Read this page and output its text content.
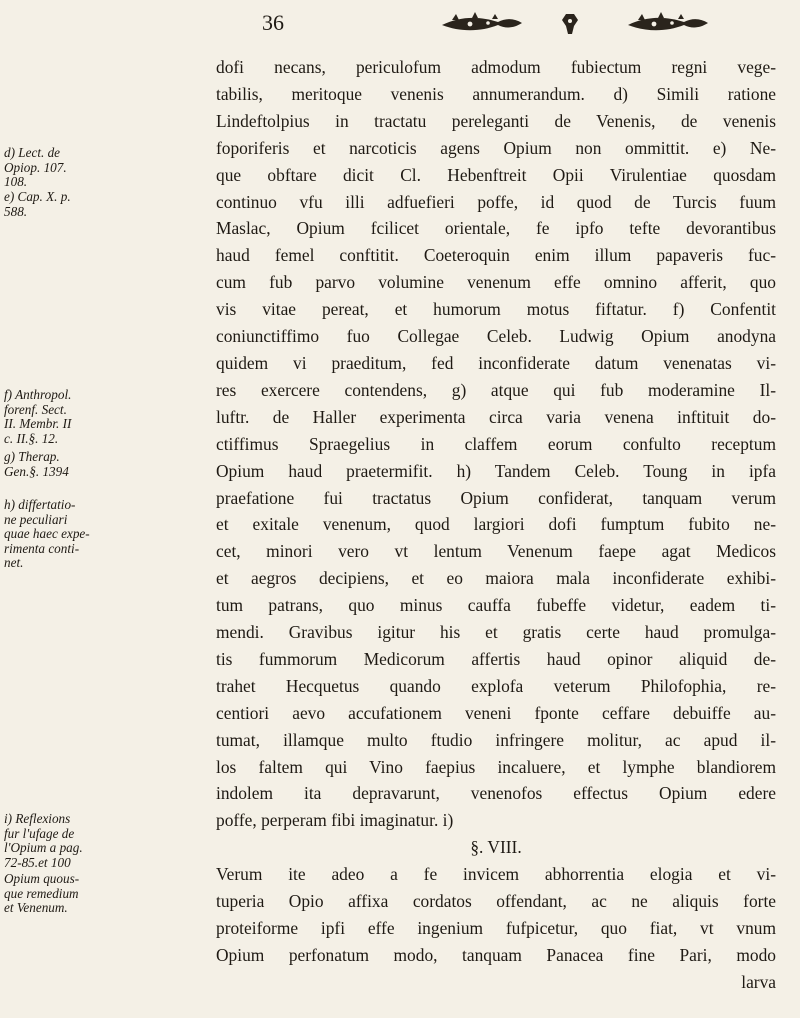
36
d) Lect. de
Opiop. 107.
108.
e) Cap. X. p.
588.
f) Anthropol.
forenf. Sect.
II. Membr. II
c. II.§. 12.
g) Therap.
Gen.§. 1394
h) differtatio-
ne peculiari
quae haec expe-
rimenta conti-
net.
i) Reflexions
fur l'ufage de
l'Opium a pag.
72-85.et 100
Opium quous-
que remedium
et Venenum.
dofi necans, periculofum admodum fubiectum regni vege-
tabilis, meritoque venenis annumerandum. d) Simili ratione
Lindeftolpius in tractatu pereleganti de Venenis, de venenis
foporiferis et narcoticis agens Opium non ommittit. e) Ne-
que obftare dicit Cl. Hebenftreit Opii Virulentiae quosdam
continuo vfu illi adfuefieri poffe, id quod de Turcis fuum
Maslac, Opium fcilicet orientale, fe ipfo tefte devorantibus
haud femel conftitit. Coeteroquin enim illum papaveris fuc-
cum fub parvo volumine venenum effe omnino afferit, quo
vis vitae pereat, et humorum motus fiftatur. f) Confentit
coniunctiffimo fuo Collegae Celeb. Ludwig Opium anodyna
quidem vi praeditum, fed inconfiderate datum venenatas vi-
res exercere contendens, g) atque qui fub moderamine Il-
luftr. de Haller experimenta circa varia venena inftituit do-
ctiffimus Spraegelius in claffem eorum confulto receptum
Opium haud praetermifit. h) Tandem Celeb. Toung in ipfa
praefatione fui tractatus Opium confiderat, tanquam verum
et exitale venenum, quod largiori dofi fumptum fubito ne-
cet, minori vero vt lentum Venenum faepe agat Medicos
et aegros decipiens, et eo maiora mala inconfiderate exhibi-
tum patrans, quo minus cauffa fubeffe videtur, eadem ti-
mendi. Gravibus igitur his et gratis certe haud promulga-
tis fummorum Medicorum affertis haud opinor aliquid de-
trahet Hecquetus quando explofa veterum Philofophia, re-
centiori aevo accufationem veneni fponte ceffare debuiffe au-
tumat, illamque multo ftudio infringere molitur, ac apud il-
los faltem qui Vino faepius incaluere, et lymphe blandiorem
indolem ita depravarunt, venenofos effectus Opium edere
poffe, perperam fibi imaginatur. i)
§. VIII.
Verum ite adeo a fe invicem abhorrentia elogia et vi-
tuperia Opio affixa cordatos offendant, ac ne aliquis forte
proteiforme ipfi effe ingenium fufpicetur, quo fiat, vt vnum
Opium perfonatum modo, tanquam Panacea fine Pari, modo
larva
